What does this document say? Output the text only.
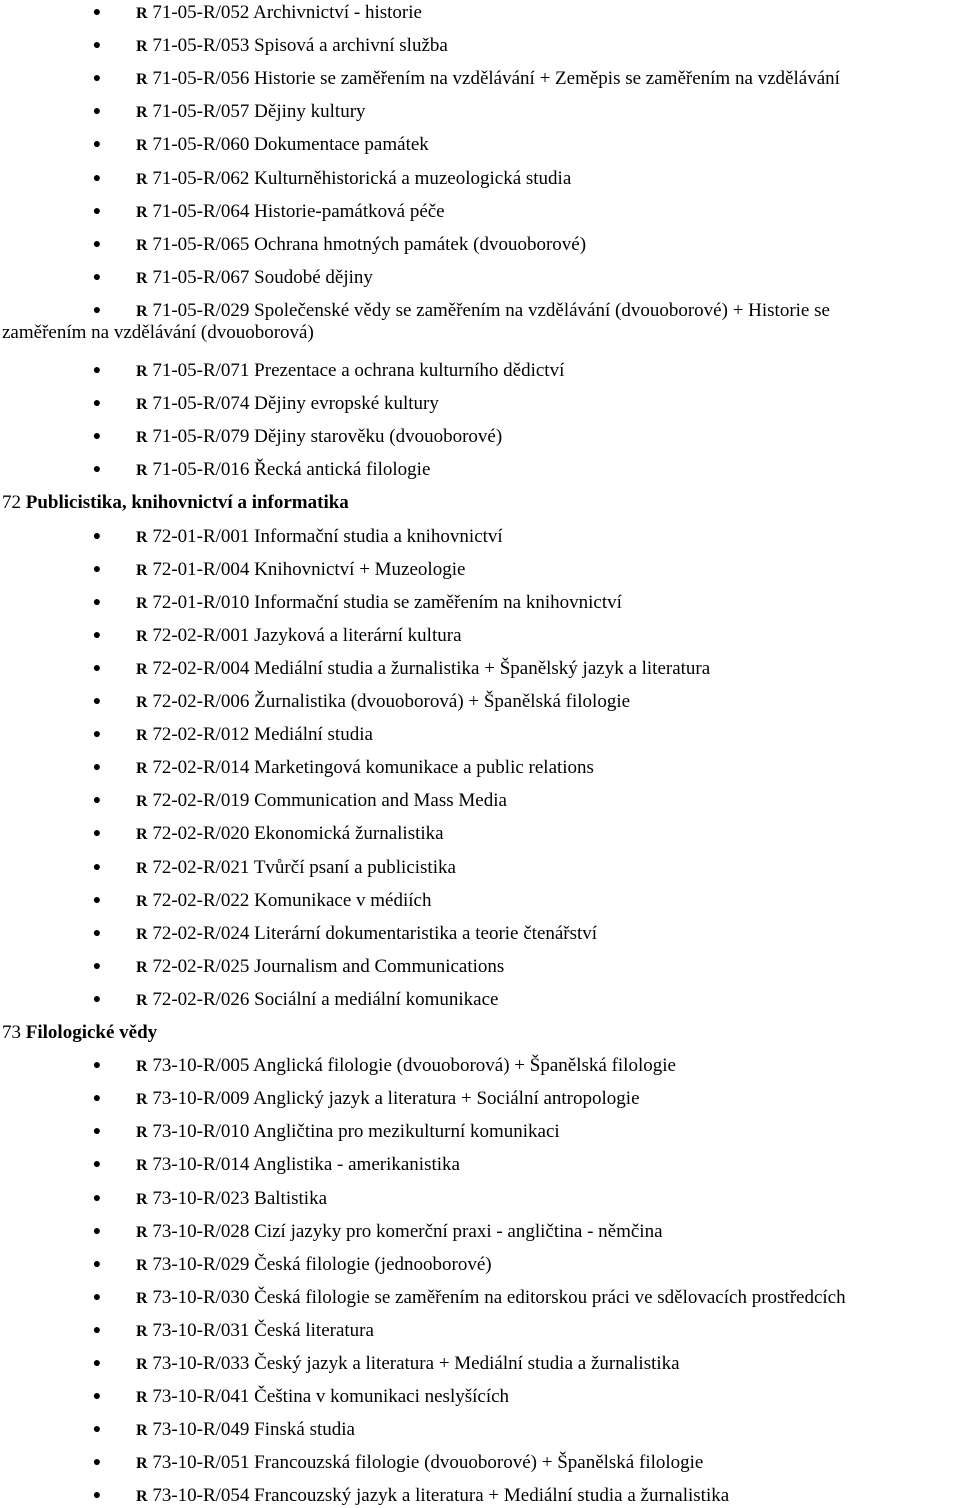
●	R 71-05-R/052 Archivnictví - historie
●	R 71-05-R/053 Spisová a archivní služba
●	R 71-05-R/056 Historie se zaměřením na vzdělávání + Zeměpis se zaměřením na vzdělávání
●	R 71-05-R/057 Dějiny kultury
●	R 71-05-R/060 Dokumentace památek
●	R 71-05-R/062 Kulturněhistorická a muzeologická studia
●	R 71-05-R/064 Historie-památková péče
●	R 71-05-R/065 Ochrana hmotných památek (dvouoborové)
●	R 71-05-R/067 Soudobé dějiny
●	R 71-05-R/029 Společenské vědy se zaměřením na vzdělávání (dvouoborové) + Historie se
zaměřením na vzdělávání (dvouoborová)
●	R 71-05-R/071 Prezentace a ochrana kulturního dědictví
●	R 71-05-R/074 Dějiny evropské kultury
●	R 71-05-R/079 Dějiny starověku (dvouoborové)
●	R 71-05-R/016 Řecká antická filologie
72 Publicistika, knihovnictví a informatika
●	R 72-01-R/001 Informační studia a knihovnictví
●	R 72-01-R/004 Knihovnictví + Muzeologie
●	R 72-01-R/010 Informační studia se zaměřením na knihovnictví
●	R 72-02-R/001 Jazyková a literární kultura
●	R 72-02-R/004 Mediální studia a žurnalistika + Španělský jazyk a literatura
●	R 72-02-R/006 Žurnalistika (dvouoborová) + Španělská filologie
●	R 72-02-R/012 Mediální studia
●	R 72-02-R/014 Marketingová komunikace a public relations
●	R 72-02-R/019 Communication and Mass Media
●	R 72-02-R/020 Ekonomická žurnalistika
●	R 72-02-R/021 Tvůrčí psaní a publicistika
●	R 72-02-R/022 Komunikace v médiích
●	R 72-02-R/024 Literární dokumentaristika a teorie čtenářství
●	R 72-02-R/025 Journalism and Communications
●	R 72-02-R/026 Sociální a mediální komunikace
73 Filologické vědy
●	R 73-10-R/005 Anglická filologie (dvouoborová) + Španělská filologie
●	R 73-10-R/009 Anglický jazyk a literatura + Sociální antropologie
●	R 73-10-R/010 Angličtina pro mezikulturní komunikaci
●	R 73-10-R/014 Anglistika - amerikanistika
●	R 73-10-R/023 Baltistika
●	R 73-10-R/028 Cizí jazyky pro komerční praxi - angličtina - němčina
●	R 73-10-R/029 Česká filologie (jednooborové)
●	R 73-10-R/030 Česká filologie se zaměřením na editorskou práci ve sdělovacích prostředcích
●	R 73-10-R/031 Česká literatura
●	R 73-10-R/033 Český jazyk a literatura + Mediální studia a žurnalistika
●	R 73-10-R/041 Čeština v komunikaci neslyšících
●	R 73-10-R/049 Finská studia
●	R 73-10-R/051 Francouzská filologie (dvouoborové) + Španělská filologie
●	R 73-10-R/054 Francouzský jazyk a literatura + Mediální studia a žurnalistika
